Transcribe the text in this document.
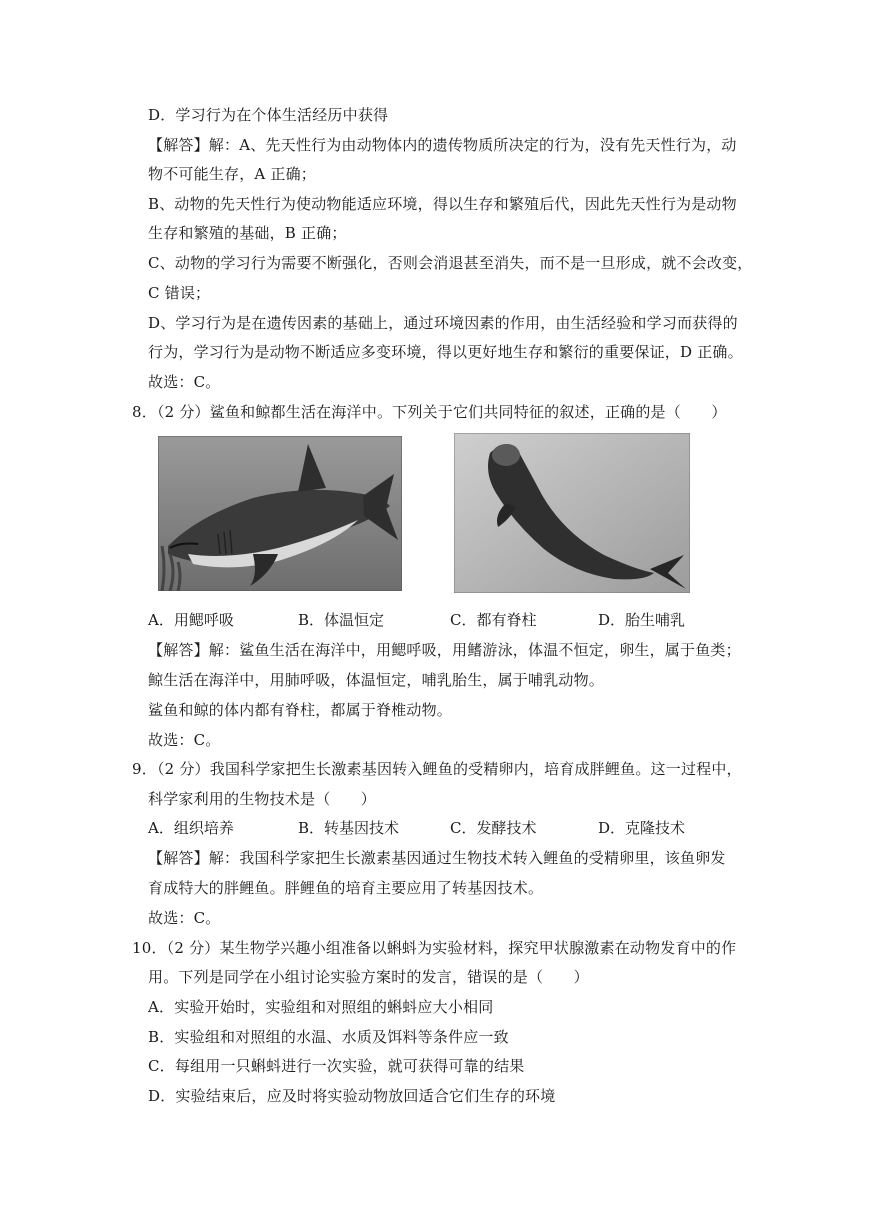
D．学习行为在个体生活经历中获得
【解答】解：A、先天性行为由动物体内的遗传物质所决定的行为，没有先天性行为，动
物不可能生存，A 正确；
B、动物的先天性行为使动物能适应环境，得以生存和繁殖后代，因此先天性行为是动物
生存和繁殖的基础，B 正确；
C、动物的学习行为需要不断强化，否则会消退甚至消失，而不是一旦形成，就不会改变，
C 错误；
D、学习行为是在遗传因素的基础上，通过环境因素的作用，由生活经验和学习而获得的
行为，学习行为是动物不断适应多变环境，得以更好地生存和繁衍的重要保证，D 正确。
故选：C。
8．（2 分）鲨鱼和鲸都生活在海洋中。下列关于它们共同特征的叙述，正确的是（　　）
A．用鳃呼吸	B．体温恒定	C．都有脊柱	D．胎生哺乳
【解答】解：鲨鱼生活在海洋中，用鳃呼吸，用鳍游泳，体温不恒定，卵生，属于鱼类；
鲸生活在海洋中，用肺呼吸，体温恒定，哺乳胎生，属于哺乳动物。
鲨鱼和鲸的体内都有脊柱，都属于脊椎动物。
故选：C。
9．（2 分）我国科学家把生长激素基因转入鲤鱼的受精卵内，培育成胖鲤鱼。这一过程中，
科学家利用的生物技术是（　　）
A．组织培养	B．转基因技术	C．发酵技术	D．克隆技术
【解答】解：我国科学家把生长激素基因通过生物技术转入鲤鱼的受精卵里，该鱼卵发
育成特大的胖鲤鱼。胖鲤鱼的培育主要应用了转基因技术。
故选：C。
10．（2 分）某生物学兴趣小组准备以蝌蚪为实验材料，探究甲状腺激素在动物发育中的作
用。下列是同学在小组讨论实验方案时的发言，错误的是（　　）
A．实验开始时，实验组和对照组的蝌蚪应大小相同
B．实验组和对照组的水温、水质及饵料等条件应一致
C．每组用一只蝌蚪进行一次实验，就可获得可靠的结果
D．实验结束后，应及时将实验动物放回适合它们生存的环境
